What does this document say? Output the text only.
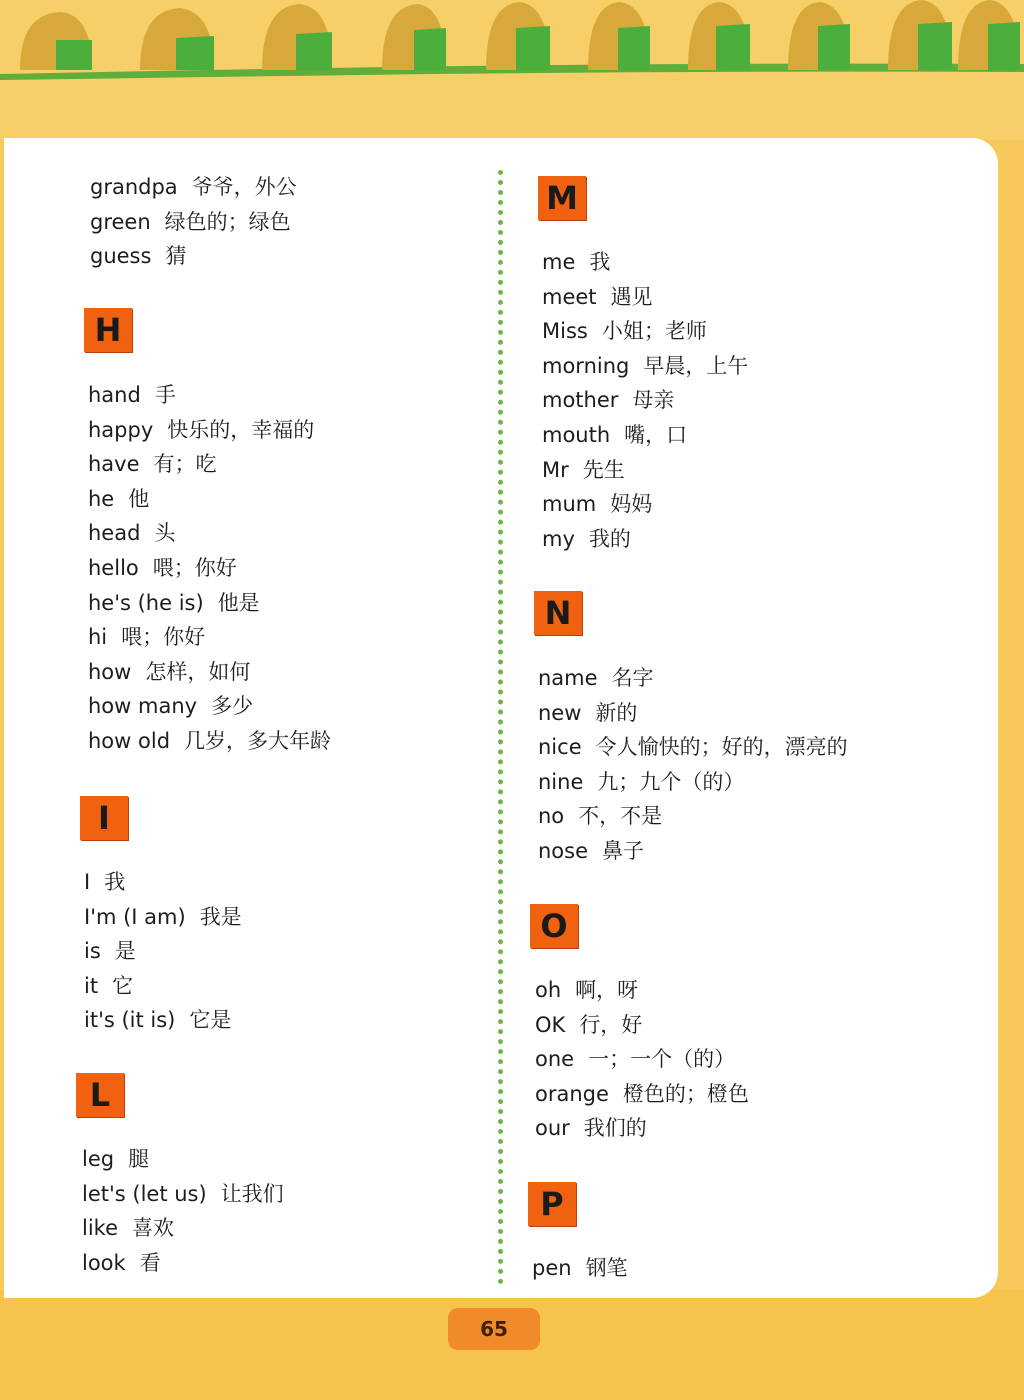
grandpa 爷爷，外公
green 绿色的；绿色
guess 猜
H
hand 手
happy 快乐的，幸福的
have 有；吃
he 他
head 头
hello 喂；你好
he's (he is) 他是
hi 喂；你好
how 怎样，如何
how many 多少
how old 几岁，多大年龄
I
I 我
I'm (I am) 我是
is 是
it 它
it's (it is) 它是
L
leg 腿
let's (let us) 让我们
like 喜欢
look 看
M
me 我
meet 遇见
Miss 小姐；老师
morning 早晨，上午
mother 母亲
mouth 嘴，口
Mr 先生
mum 妈妈
my 我的
N
name 名字
new 新的
nice 令人愉快的；好的，漂亮的
nine 九；九个（的）
no 不，不是
nose 鼻子
O
oh 啊，呀
OK 行，好
one 一；一个（的）
orange 橙色的；橙色
our 我们的
P
pen 钢笔
65
